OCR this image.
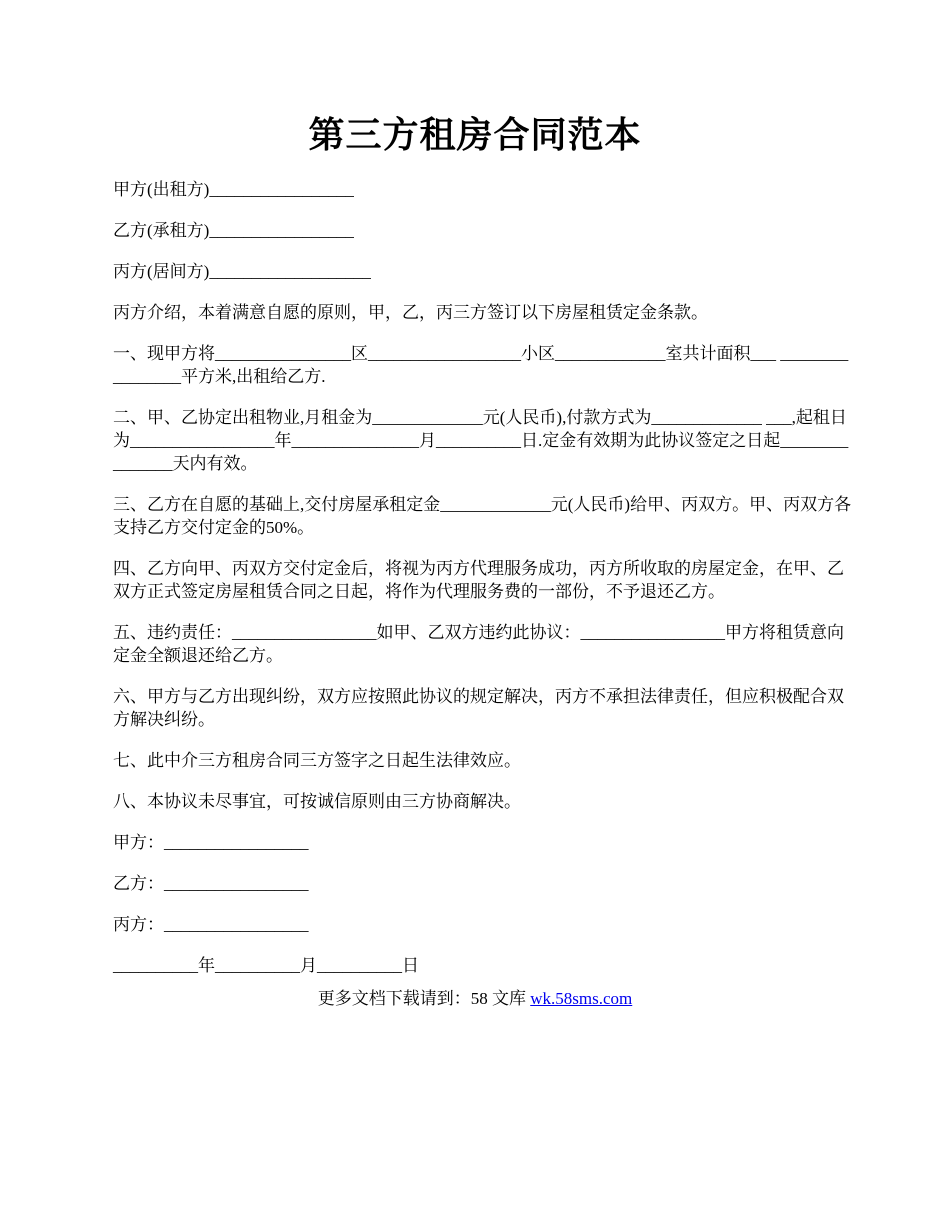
第三方租房合同范本

甲方(出租方)_________________

乙方(承租方)_________________

丙方(居间方)___________________

丙方介绍，本着满意自愿的原则，甲，乙，丙三方签订以下房屋租赁定金条款。

一、现甲方将________________区__________________小区_____________室共计面积___ ________________平方米,出租给乙方.

二、甲、乙协定出租物业,月租金为_____________元(人民币),付款方式为_____________ ___,起租日为_________________年_______________月__________日.定金有效期为此协议签定之日起_______________天内有效。

三、乙方在自愿的基础上,交付房屋承租定金_____________元(人民币)给甲、丙双方。甲、丙双方各支持乙方交付定金的50%。

四、乙方向甲、丙双方交付定金后，将视为丙方代理服务成功，丙方所收取的房屋定金，在甲、乙双方正式签定房屋租赁合同之日起，将作为代理服务费的一部份，不予退还乙方。

五、违约责任：_________________如甲、乙双方违约此协议：_________________甲方将租赁意向定金全额退还给乙方。

六、甲方与乙方出现纠纷，双方应按照此协议的规定解决，丙方不承担法律责任，但应积极配合双方解决纠纷。

七、此中介三方租房合同三方签字之日起生法律效应。

八、本协议未尽事宜，可按诚信原则由三方协商解决。

甲方：_________________

乙方：_________________

丙方：_________________

__________年__________月__________日

更多文档下载请到：58 文库 wk.58sms.com
